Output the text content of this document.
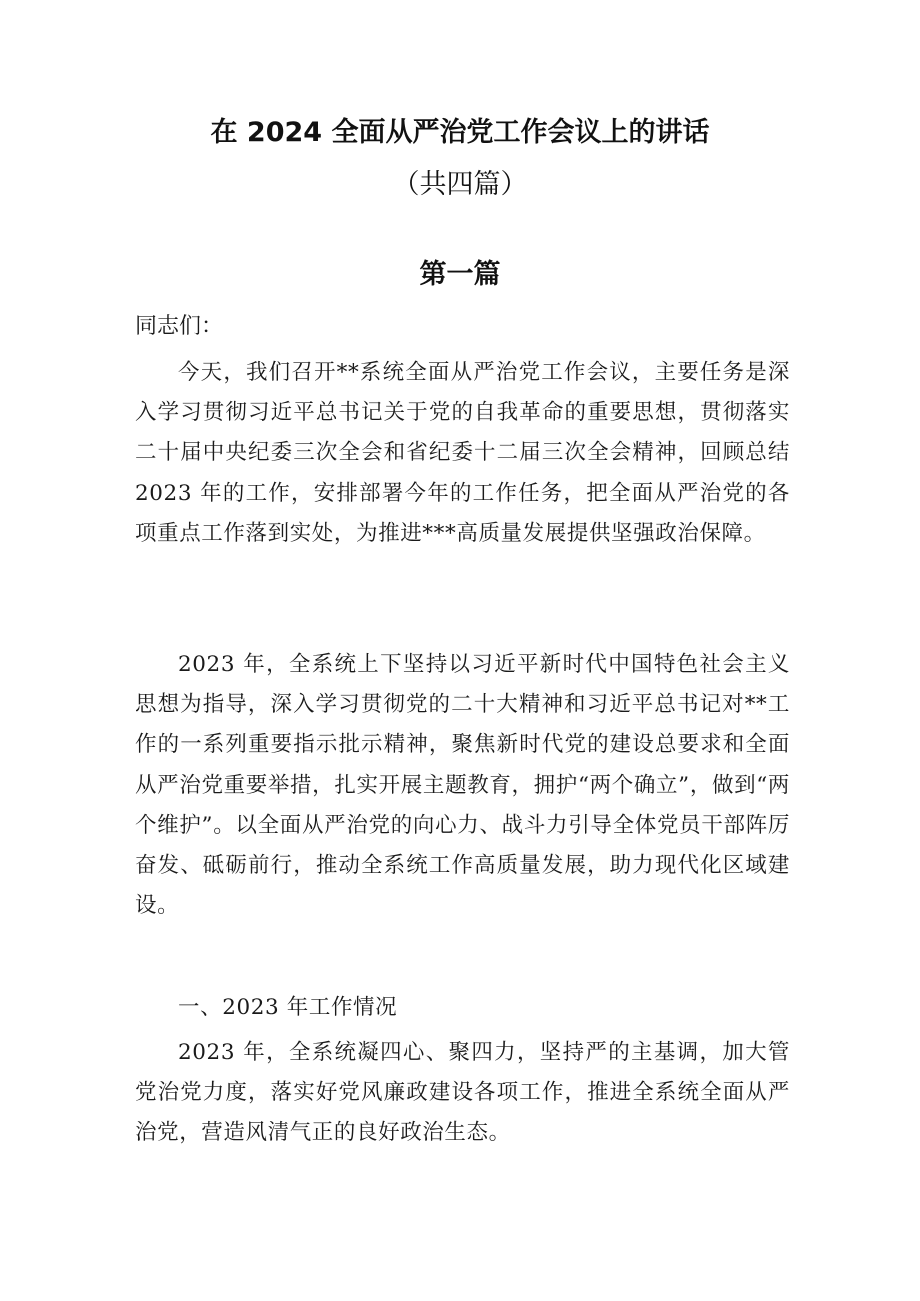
在 2024 全面从严治党工作会议上的讲话
（共四篇）
第一篇

同志们：

今天，我们召开**系统全面从严治党工作会议，主要任务是深入学习贯彻习近平总书记关于党的自我革命的重要思想，贯彻落实二十届中央纪委三次全会和省纪委十二届三次全会精神，回顾总结 2023 年的工作，安排部署今年的工作任务，把全面从严治党的各项重点工作落到实处，为推进***高质量发展提供坚强政治保障。

2023 年，全系统上下坚持以习近平新时代中国特色社会主义思想为指导，深入学习贯彻党的二十大精神和习近平总书记对**工作的一系列重要指示批示精神，聚焦新时代党的建设总要求和全面从严治党重要举措，扎实开展主题教育，拥护“两个确立”，做到“两个维护”。以全面从严治党的向心力、战斗力引导全体党员干部阵厉奋发、砥砺前行，推动全系统工作高质量发展，助力现代化区域建设。

一、2023 年工作情况

2023 年，全系统凝四心、聚四力，坚持严的主基调，加大管党治党力度，落实好党风廉政建设各项工作，推进全系统全面从严治党，营造风清气正的良好政治生态。
